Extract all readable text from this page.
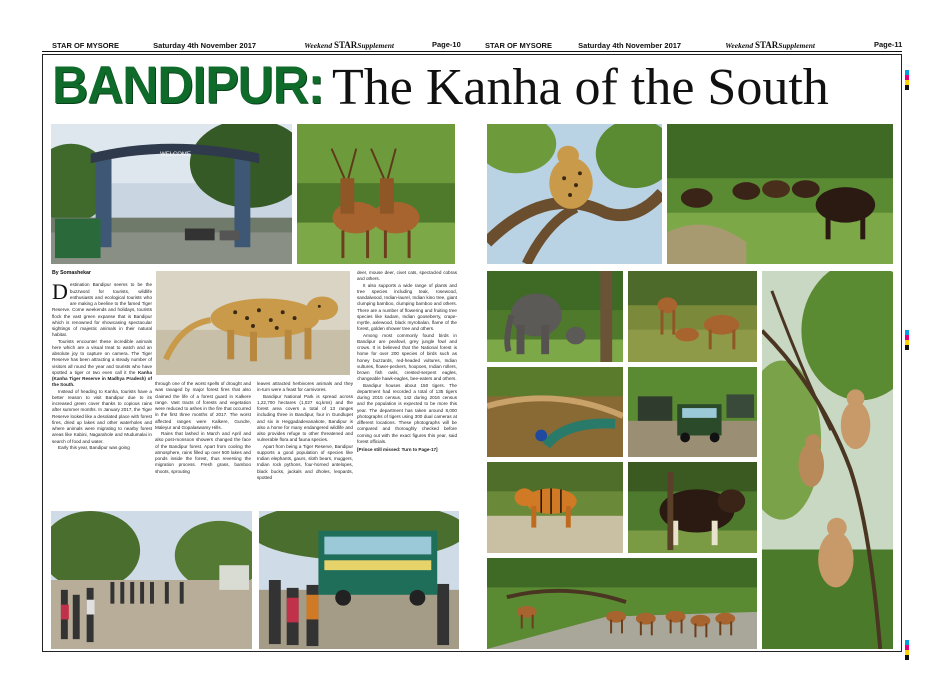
STAR OF MYSORE	Saturday 4th November 2017	Weekend STARSupplement	Page-10	STAR OF MYSORE	Saturday 4th November 2017	Weekend STARSupplement	Page-11
BANDIPUR: The Kanha of the South
WELCOME
By Somashekar
D estination Bandipur seems to be the buzzword for tourists, wildlife enthusiasts and ecological tourists who are making a beeline to the famed Tiger Reserve. Come weekends and holidays, tourists flock the vast green expanse that is Bandipur which is renowned for showcasing spectacular sightings of majestic animals in their natural habitat.

Tourists encounter these incredible animals here which are a visual treat to watch and an absolute joy to capture on camera. The Tiger Reserve has been attracting a steady number of visitors all round the year and tourists who have spotted a tiger or two even call it the Kanha (Kanha Tiger Reserve in Madhya Pradesh) of the South.

Instead of heading to Kanha, tourists have a better reason to visit Bandipur due to its increased green cover thanks to copious rains after summer months. In January 2017, the Tiger Reserve looked like a desolated place with forest fires, dried up lakes and other waterholes and where animals were migrating to nearby forest areas like Kabini, Nagarahole and Mudumalai in search of food and water.

Early this year, Bandipur was going

through one of the worst spells of drought and was ravaged by major forest fires that also claimed the life of a forest guard in Kalkere range. Vast tracts of forests and vegetation were reduced to ashes in the fire that occurred in the first three months of 2017. The worst affected ranges were Kalkere, Gundre, Maleyur and Gopalaswamy Hills.

Rains that lashed in March and April and also post-monsoon showers changed the face of the Bandipur forest. Apart from cooling the atmosphere, rains filled up over 500 lakes and ponds inside the forest, thus reversing the migration process. Fresh grass, bamboo shoots, sprouting

leaves attracted herbivores animals and they in-turn were a feast for carnivores.

Bandipur National Park is spread across 1,22,700 hectares (1,027 sq.kms) and the forest area covers a total of 13 ranges including three in Bandipur, four in Gundlupet and six in Heggadadevanakote, Bandipur is also a home for many endangered wildlife and also provides refuge to other threatened and vulnerable flora and fauna species.

Apart from being a Tiger Reserve, Bandipur supports a good population of species like Indian elephants, gaurs, sloth bears, muggers, Indian rock pythons, four-horned antelopes, black bucks, jackals and dholes, leopards, spotted

deer, mouse deer, civet cats, spectacled cobras and others.

It also supports a wide range of plants and tree species including teak, rosewood, sandalwood, Indian-laurel, Indian kino tree, giant clumping bamboo, clumping bamboo and others. There are a number of flowering and fruiting tree species like kadam, Indian gooseberry, crape-myrtle, axlewood, black myrobalan, flame of the forest, golden shower tree and others.

Among most commonly found birds in Bandipur are peafowl, grey jungle fowl and crows. It is believed that the National forest is home for over 200 species of birds such as honey buzzards, red-headed vultures, Indian vultures, flower-peckers, hoopoes, Indian rollers, brown fish owls, crested-serpent eagles, changeable hawk-eagles, bee-eaters and others.

Bandipur houses about 150 tigers. The department had recorded a total of 135 tigers during 2015 census, 142 during 2016 census and the population is expected to be more this year. The department has taken around 8,000 photographs of tigers using 300 dual cameras at different locations. These photographs will be compared and thoroughly checked before coming out with the exact figures this year, said forest officials.

[Prince still missed: Turn to Page-17]
